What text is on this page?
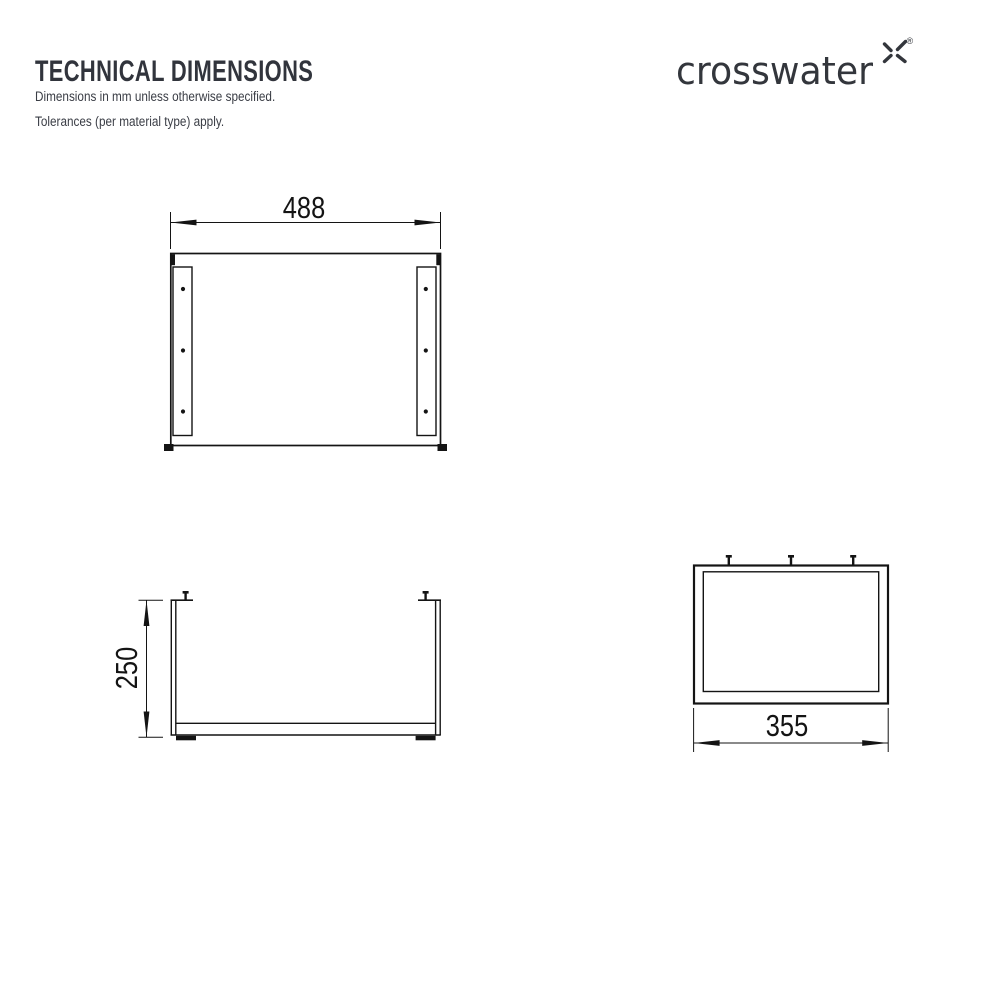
TECHNICAL DIMENSIONS

Dimensions in mm unless otherwise specified.

Tolerances (per material type) apply.

crosswater
®
488
250
355
